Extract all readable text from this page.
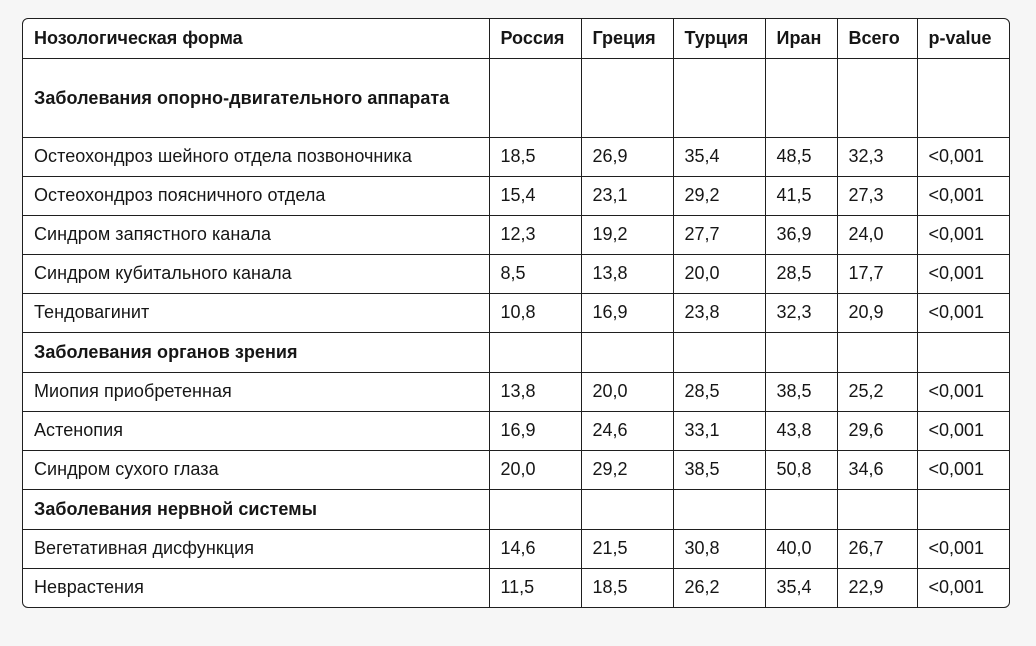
Нозологическая форма	Россия	Греция	Турция	Иран	Всего	p-value
Заболевания опорно-двигательного аппарата						
Остеохондроз шейного отдела позвоночника	18,5	26,9	35,4	48,5	32,3	<0,001
Остеохондроз поясничного отдела	15,4	23,1	29,2	41,5	27,3	<0,001
Синдром запястного канала	12,3	19,2	27,7	36,9	24,0	<0,001
Синдром кубитального канала	8,5	13,8	20,0	28,5	17,7	<0,001
Тендовагинит	10,8	16,9	23,8	32,3	20,9	<0,001
Заболевания органов зрения						
Миопия приобретенная	13,8	20,0	28,5	38,5	25,2	<0,001
Астенопия	16,9	24,6	33,1	43,8	29,6	<0,001
Синдром сухого глаза	20,0	29,2	38,5	50,8	34,6	<0,001
Заболевания нервной системы						
Вегетативная дисфункция	14,6	21,5	30,8	40,0	26,7	<0,001
Неврастения	11,5	18,5	26,2	35,4	22,9	<0,001
